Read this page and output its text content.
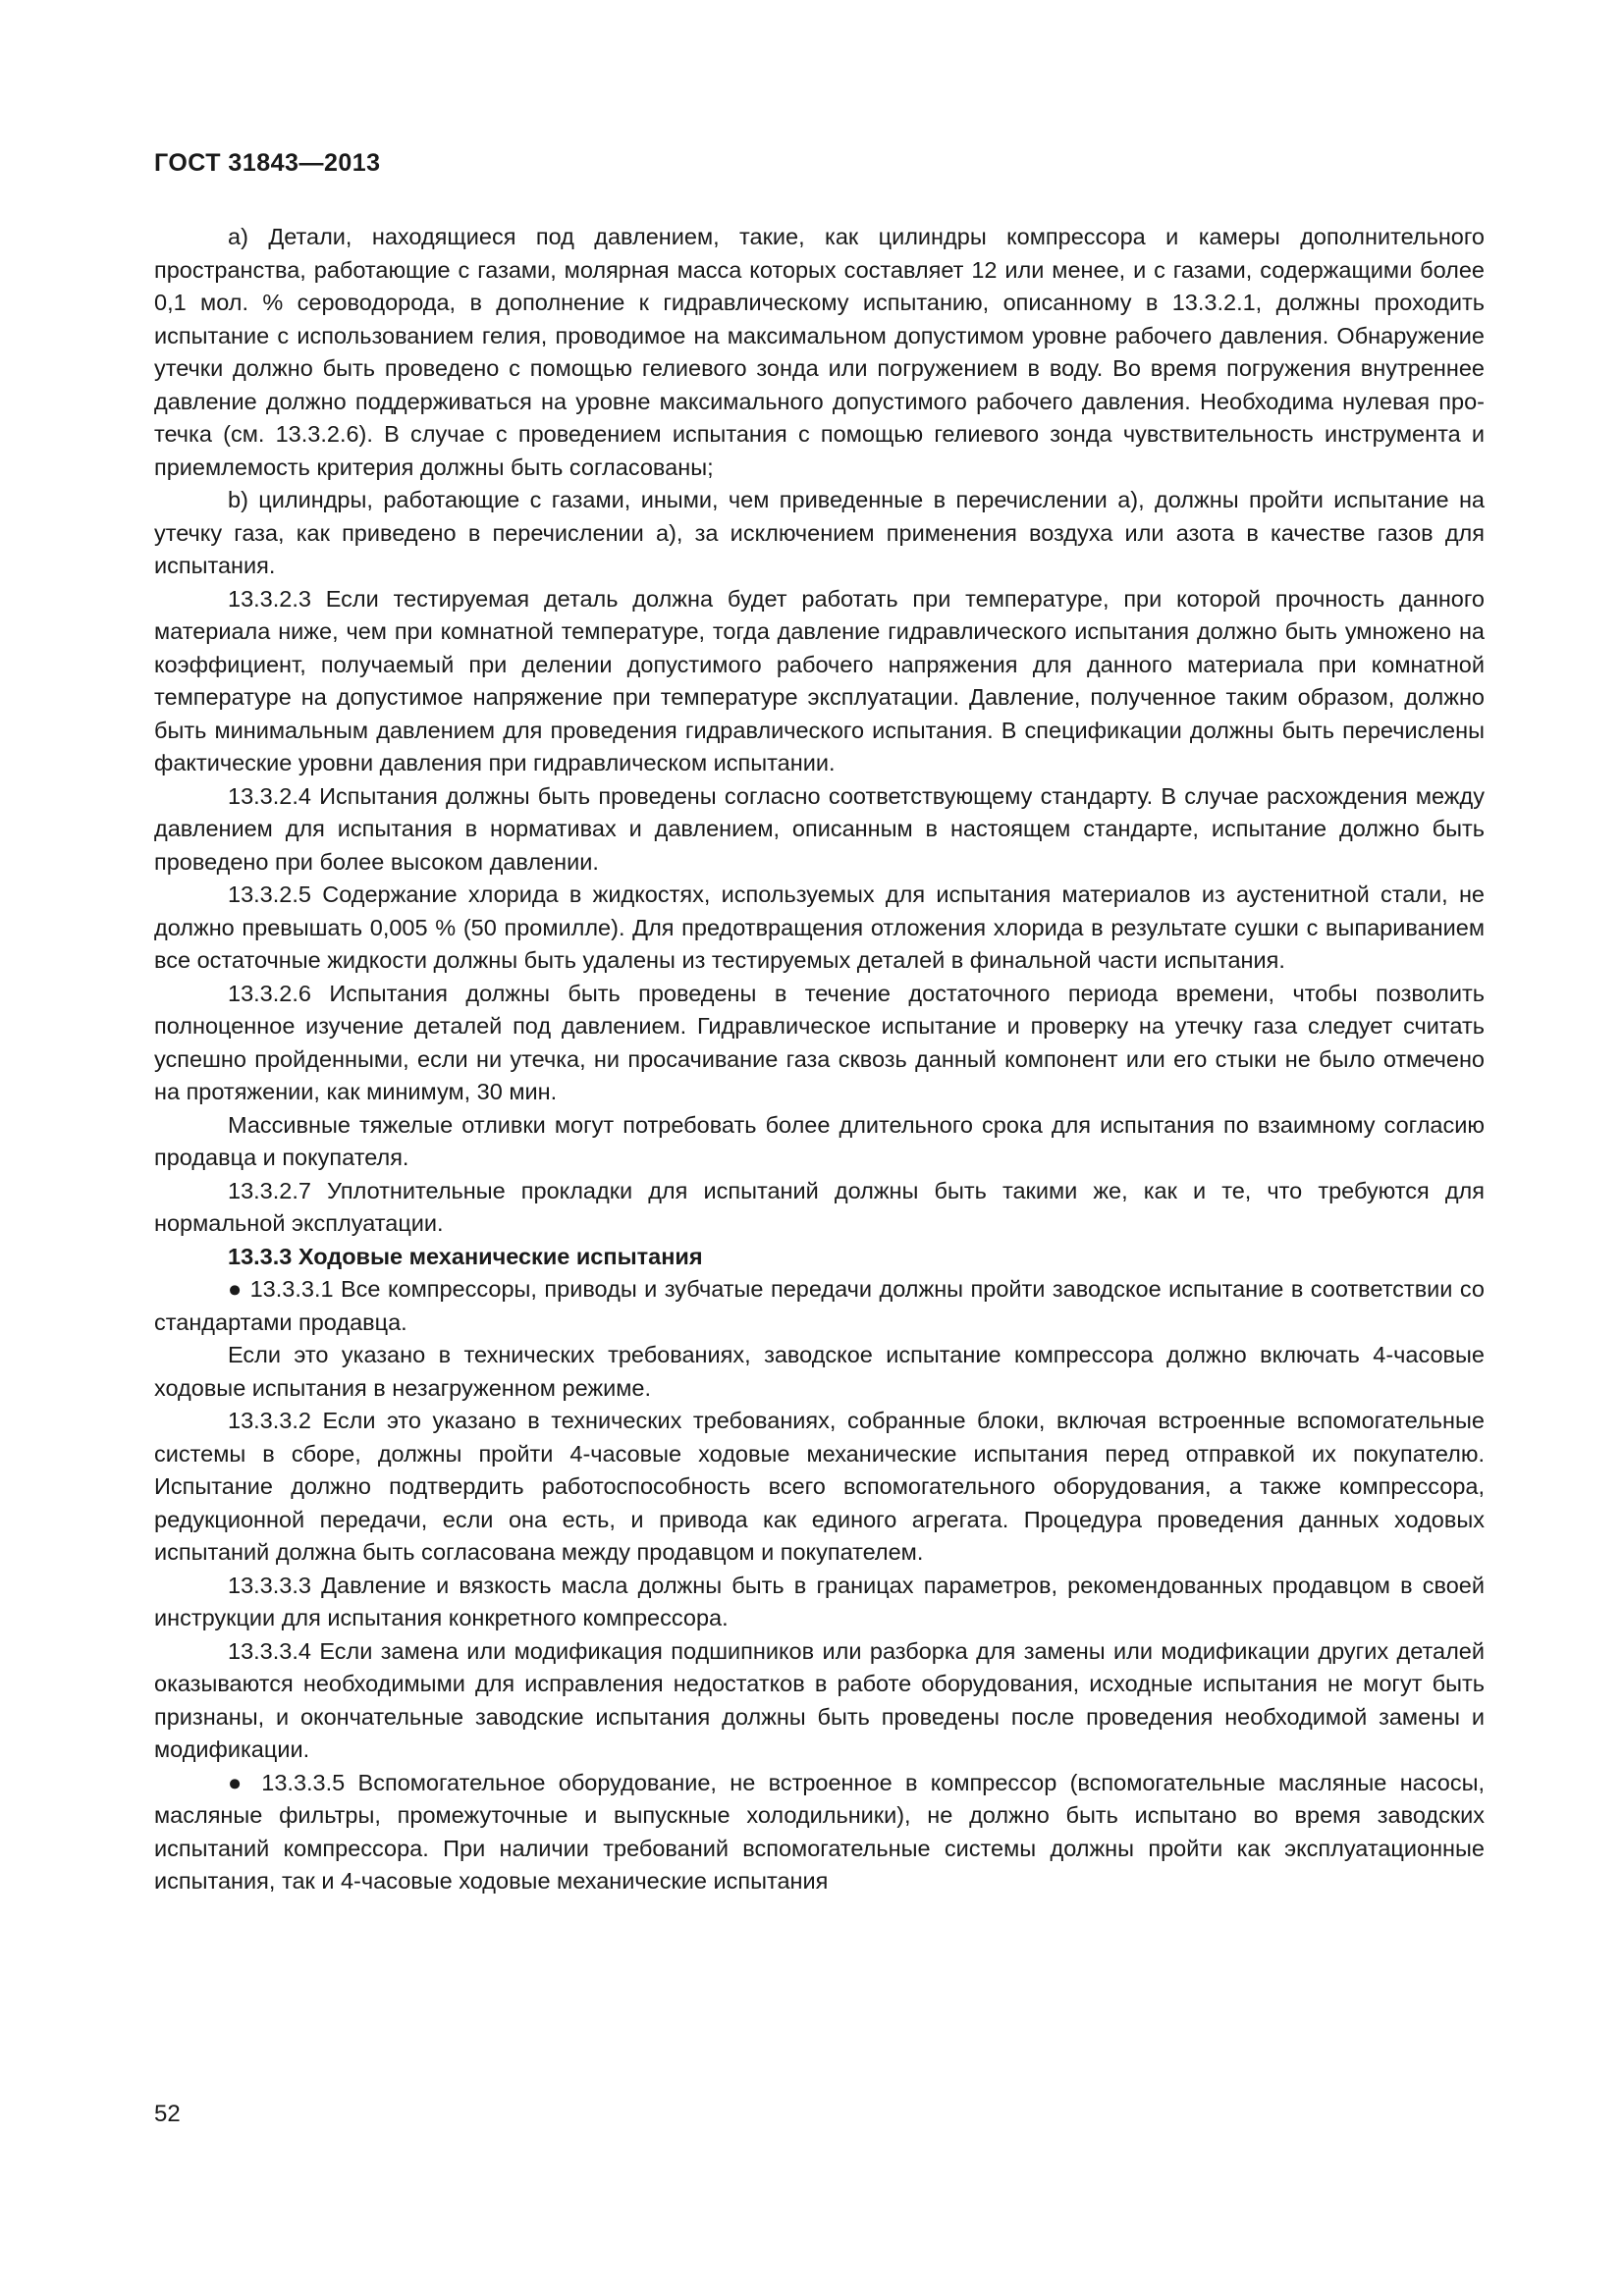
ГОСТ 31843—2013

а) Детали, находящиеся под давлением, такие, как цилиндры компрессора и камеры дополнительного пространства, работающие с газами, молярная масса которых составляет 12 или менее, и с газами, содержащими более 0,1 мол. % сероводорода, в дополнение к гидравлическому испытанию, описанному в 13.3.2.1, должны проходить испытание с использованием гелия, проводимое на максимальном допустимом уровне рабочего давления. Обнаружение утечки должно быть проведено с помощью гелиевого зонда или погружением в воду. Во время погружения внутреннее давление должно поддерживаться на уровне максимального допустимого рабочего давления. Необходима нулевая протечка (см. 13.3.2.6). В случае с проведением испытания с помощью гелиевого зонда чувствительность инструмента и приемлемость критерия должны быть согласованы;

b) цилиндры, работающие с газами, иными, чем приведенные в перечислении а), должны пройти испытание на утечку газа, как приведено в перечислении а), за исключением применения воздуха или азота в качестве газов для испытания.

13.3.2.3 Если тестируемая деталь должна будет работать при температуре, при которой прочность данного материала ниже, чем при комнатной температуре, тогда давление гидравлического испытания должно быть умножено на коэффициент, получаемый при делении допустимого рабочего напряжения для данного материала при комнатной температуре на допустимое напряжение при температуре эксплуатации. Давление, полученное таким образом, должно быть минимальным давлением для проведения гидравлического испытания. В спецификации должны быть перечислены фактические уровни давления при гидравлическом испытании.

13.3.2.4 Испытания должны быть проведены согласно соответствующему стандарту. В случае расхождения между давлением для испытания в нормативах и давлением, описанным в настоящем стандарте, испытание должно быть проведено при более высоком давлении.

13.3.2.5 Содержание хлорида в жидкостях, используемых для испытания материалов из аустенитной стали, не должно превышать 0,005 % (50 промилле). Для предотвращения отложения хлорида в результате сушки с выпариванием все остаточные жидкости должны быть удалены из тестируемых деталей в финальной части испытания.

13.3.2.6 Испытания должны быть проведены в течение достаточного периода времени, чтобы позволить полноценное изучение деталей под давлением. Гидравлическое испытание и проверку на утечку газа следует считать успешно пройденными, если ни утечка, ни просачивание газа сквозь данный компонент или его стыки не было отмечено на протяжении, как минимум, 30 мин.

Массивные тяжелые отливки могут потребовать более длительного срока для испытания по взаимному согласию продавца и покупателя.

13.3.2.7 Уплотнительные прокладки для испытаний должны быть такими же, как и те, что требуются для нормальной эксплуатации.

13.3.3 Ходовые механические испытания

● 13.3.3.1 Все компрессоры, приводы и зубчатые передачи должны пройти заводское испытание в соответствии со стандартами продавца.

Если это указано в технических требованиях, заводское испытание компрессора должно включать 4-часовые ходовые испытания в незагруженном режиме.

13.3.3.2 Если это указано в технических требованиях, собранные блоки, включая встроенные вспомогательные системы в сборе, должны пройти 4-часовые ходовые механические испытания перед отправкой их покупателю. Испытание должно подтвердить работоспособность всего вспомогательного оборудования, а также компрессора, редукционной передачи, если она есть, и привода как единого агрегата. Процедура проведения данных ходовых испытаний должна быть согласована между продавцом и покупателем.

13.3.3.3 Давление и вязкость масла должны быть в границах параметров, рекомендованных продавцом в своей инструкции для испытания конкретного компрессора.

13.3.3.4 Если замена или модификация подшипников или разборка для замены или модификации других деталей оказываются необходимыми для исправления недостатков в работе оборудования, исходные испытания не могут быть признаны, и окончательные заводские испытания должны быть проведены после проведения необходимой замены и модификации.

● 13.3.3.5 Вспомогательное оборудование, не встроенное в компрессор (вспомогательные масляные насосы, масляные фильтры, промежуточные и выпускные холодильники), не должно быть испытано во время заводских испытаний компрессора. При наличии требований вспомогательные системы должны пройти как эксплуатационные испытания, так и 4-часовые ходовые механические испытания

52
